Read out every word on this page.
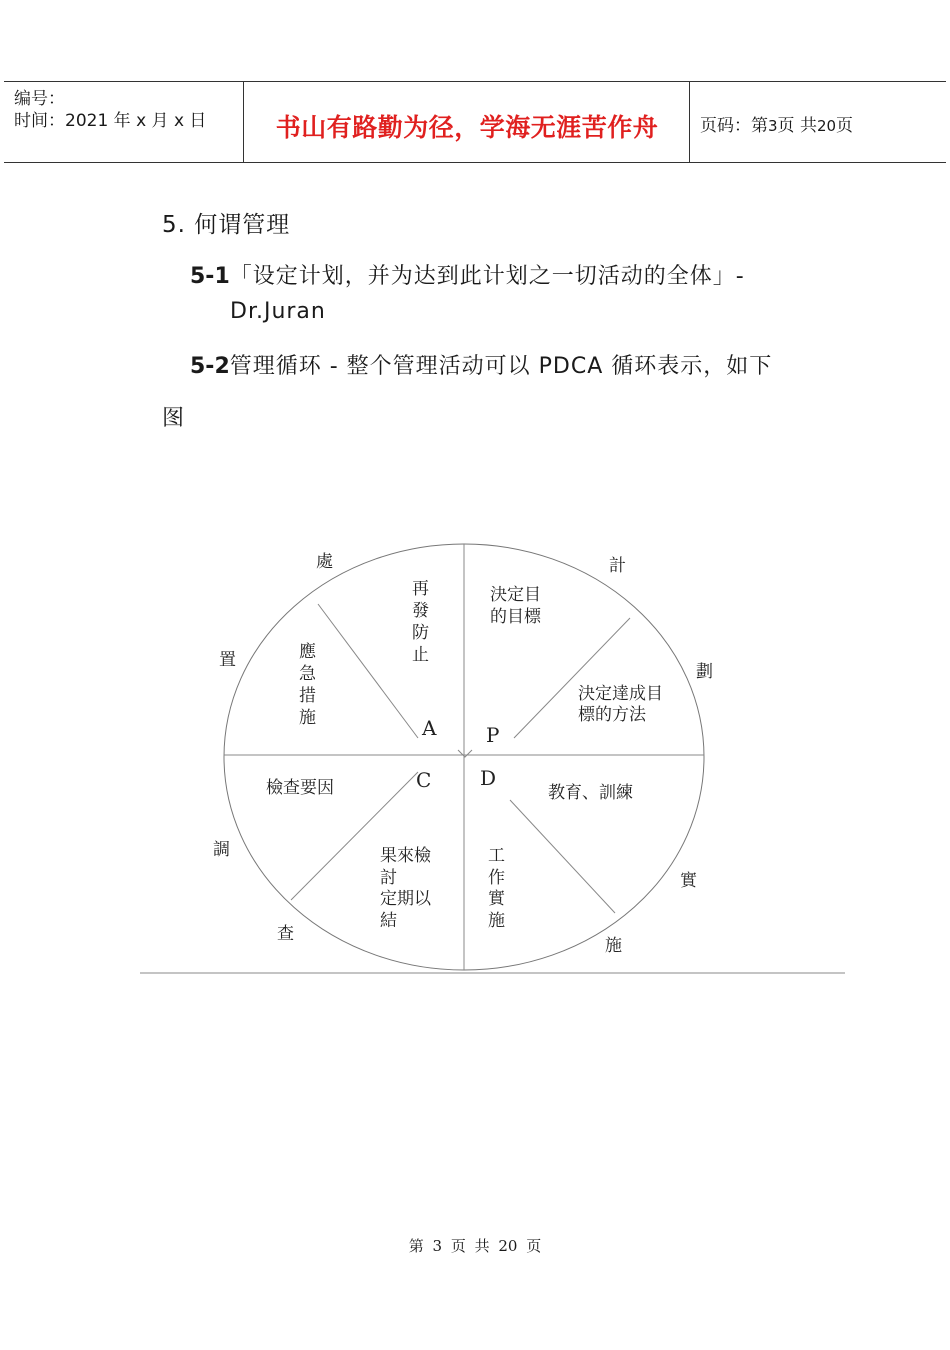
编号：
时间：2021 年 x 月 x 日	书山有路勤为径，学海无涯苦作舟	页码：第3页 共20页
5. 何谓管理
5-1「设定计划，并为达到此计划之一切活动的全体」-
Dr.Juran
5-2管理循环 - 整个管理活动可以 PDCA 循环表示，如下
图
A P
C D
處
置
計
劃
實
施
調
查
再
發
防
止
決定目
的目標
應
急
措
施
決定達成目
標的方法
檢查要因	教育、訓練
果來檢
討
定期以
結
工
作
實
施
第 3 页 共 20 页
